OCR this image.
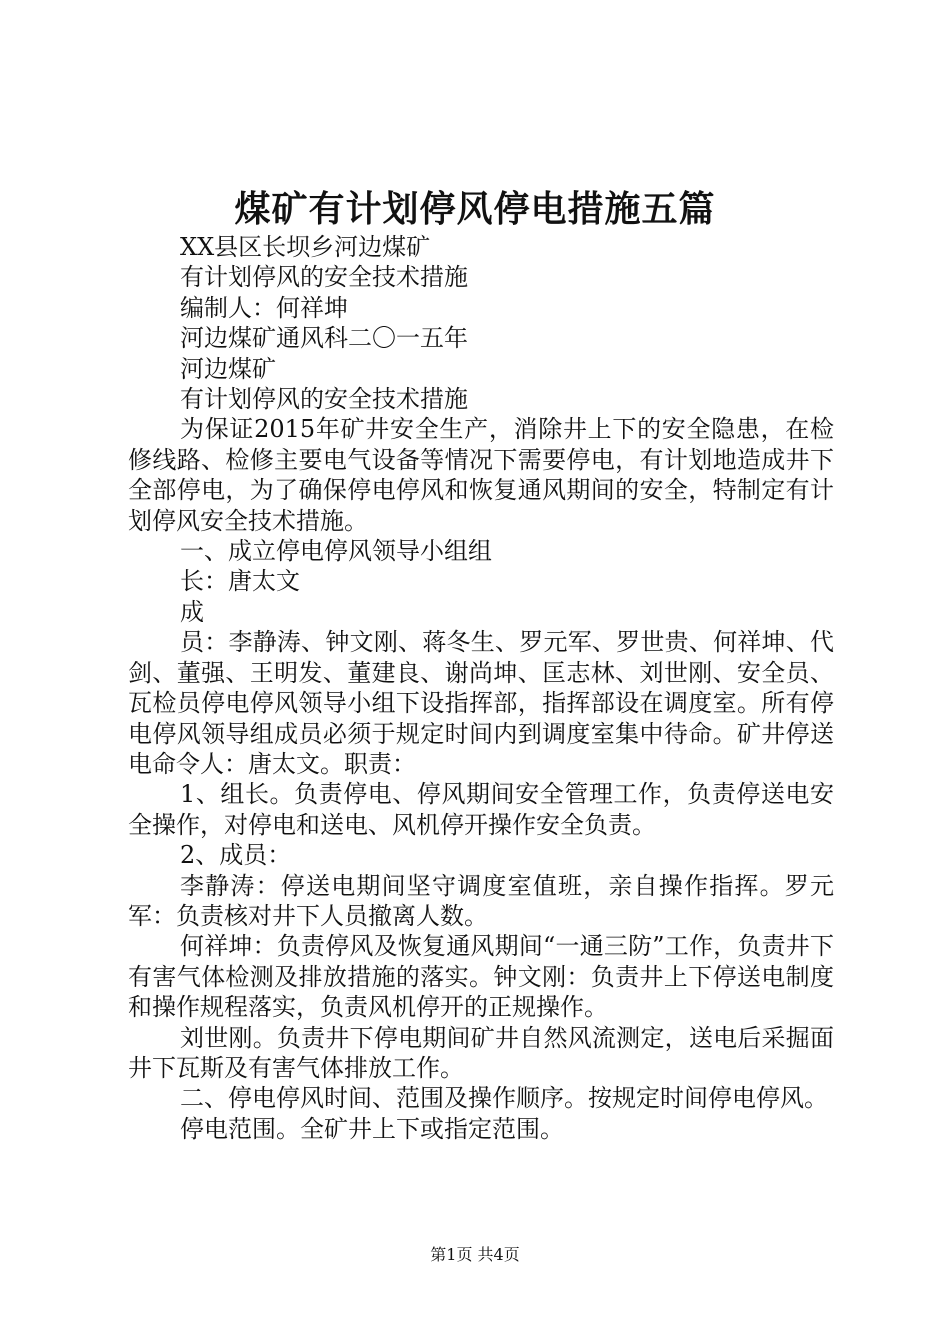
煤矿有计划停风停电措施五篇

XX县区长坝乡河边煤矿

有计划停风的安全技术措施

编制人：何祥坤

河边煤矿通风科二〇一五年

河边煤矿

有计划停风的安全技术措施

为保证2015年矿井安全生产，消除井上下的安全隐患，在检修线路、检修主要电气设备等情况下需要停电，有计划地造成井下全部停电，为了确保停电停风和恢复通风期间的安全，特制定有计划停风安全技术措施。

一、成立停电停风领导小组组

长：唐太文

成

员：李静涛、钟文刚、蒋冬生、罗元军、罗世贵、何祥坤、代剑、董强、王明发、董建良、谢尚坤、匡志林、刘世刚、安全员、瓦检员停电停风领导小组下设指挥部，指挥部设在调度室。所有停电停风领导组成员必须于规定时间内到调度室集中待命。矿井停送电命令人：唐太文。职责：

1、组长。负责停电、停风期间安全管理工作，负责停送电安全操作，对停电和送电、风机停开操作安全负责。

2、成员：

李静涛：停送电期间坚守调度室值班，亲自操作指挥。罗元军：负责核对井下人员撤离人数。

何祥坤：负责停风及恢复通风期间“一通三防”工作，负责井下有害气体检测及排放措施的落实。钟文刚：负责井上下停送电制度和操作规程落实，负责风机停开的正规操作。

刘世刚。负责井下停电期间矿井自然风流测定，送电后采掘面井下瓦斯及有害气体排放工作。

二、停电停风时间、范围及操作顺序。按规定时间停电停风。

停电范围。全矿井上下或指定范围。

第1页 共4页
